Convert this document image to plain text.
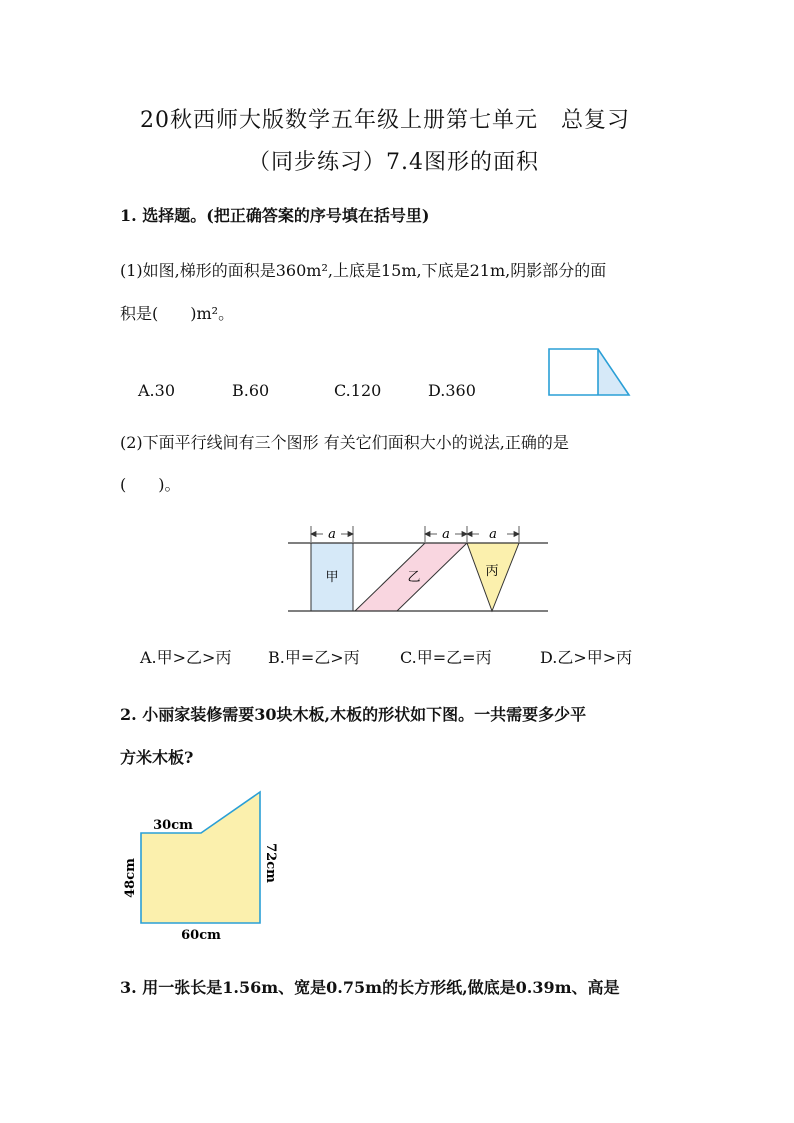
20秋西师大版数学五年级上册第七单元　总复习
（同步练习）7.4图形的面积
1. 选择题。(把正确答案的序号填在括号里)
(1)如图,梯形的面积是360m²,上底是15m,下底是21m,阴影部分的面
积是(　　)m²。
A.30	B.60	C.120	D.360
(2)下面平行线间有三个图形 有关它们面积大小的说法,正确的是
(　　)。
a	a	a
甲	乙	丙
A.甲>乙>丙 B.甲=乙>丙	C.甲=乙=丙	D.乙>甲>丙
2. 小丽家装修需要30块木板,木板的形状如下图。一共需要多少平
方米木板?
30cm
48cm	72cm
60cm
3. 用一张长是1.56m、宽是0.75m的长方形纸,做底是0.39m、高是
